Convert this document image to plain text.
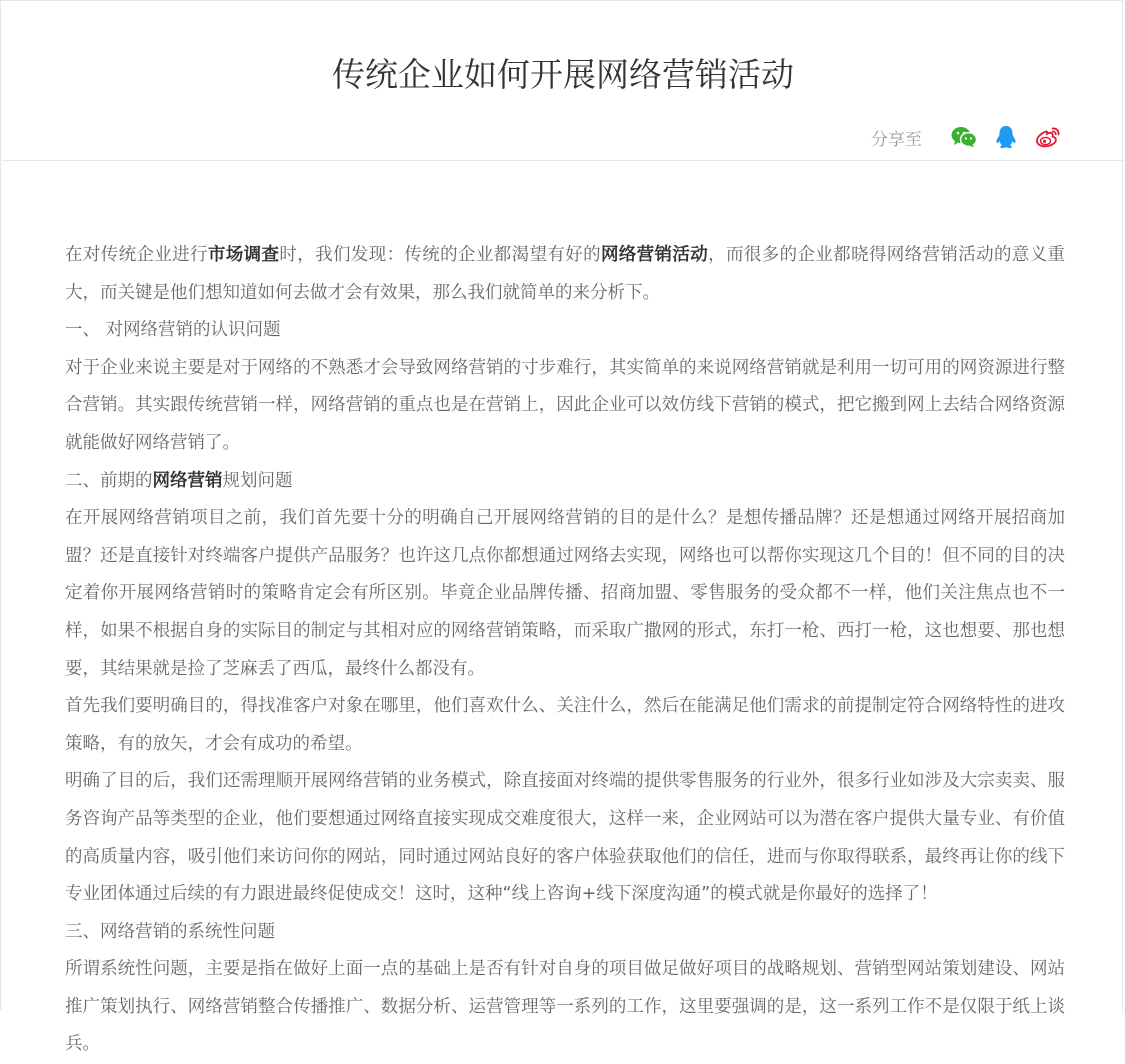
传统企业如何开展网络营销活动
分享至

在对传统企业进行市场调查时，我们发现：传统的企业都渴望有好的网络营销活动，而很多的企业都晓得网络营销活动的意义重大，而关键是他们想知道如何去做才会有效果，那么我们就简单的来分析下。

一、 对网络营销的认识问题

对于企业来说主要是对于网络的不熟悉才会导致网络营销的寸步难行，其实简单的来说网络营销就是利用一切可用的网资源进行整合营销。其实跟传统营销一样，网络营销的重点也是在营销上，因此企业可以效仿线下营销的模式，把它搬到网上去结合网络资源就能做好网络营销了。

二、前期的网络营销规划问题

在开展网络营销项目之前，我们首先要十分的明确自己开展网络营销的目的是什么？是想传播品牌？还是想通过网络开展招商加盟？还是直接针对终端客户提供产品服务？也许这几点你都想通过网络去实现，网络也可以帮你实现这几个目的！但不同的目的决定着你开展网络营销时的策略肯定会有所区别。毕竟企业品牌传播、招商加盟、零售服务的受众都不一样，他们关注焦点也不一样，如果不根据自身的实际目的制定与其相对应的网络营销策略，而采取广撒网的形式，东打一枪、西打一枪，这也想要、那也想要，其结果就是捡了芝麻丢了西瓜，最终什么都没有。

首先我们要明确目的，得找准客户对象在哪里，他们喜欢什么、关注什么，然后在能满足他们需求的前提制定符合网络特性的进攻策略，有的放矢，才会有成功的希望。

明确了目的后，我们还需理顺开展网络营销的业务模式，除直接面对终端的提供零售服务的行业外，很多行业如涉及大宗卖卖、服务咨询产品等类型的企业，他们要想通过网络直接实现成交难度很大，这样一来，企业网站可以为潜在客户提供大量专业、有价值的高质量内容，吸引他们来访问你的网站，同时通过网站良好的客户体验获取他们的信任，进而与你取得联系，最终再让你的线下专业团体通过后续的有力跟进最终促使成交！这时，这种“线上咨询+线下深度沟通”的模式就是你最好的选择了！

三、网络营销的系统性问题

所谓系统性问题，主要是指在做好上面一点的基础上是否有针对自身的项目做足做好项目的战略规划、营销型网站策划建设、网站推广策划执行、网络营销整合传播推广、数据分析、运营管理等一系列的工作，这里要强调的是，这一系列工作不是仅限于纸上谈兵。
